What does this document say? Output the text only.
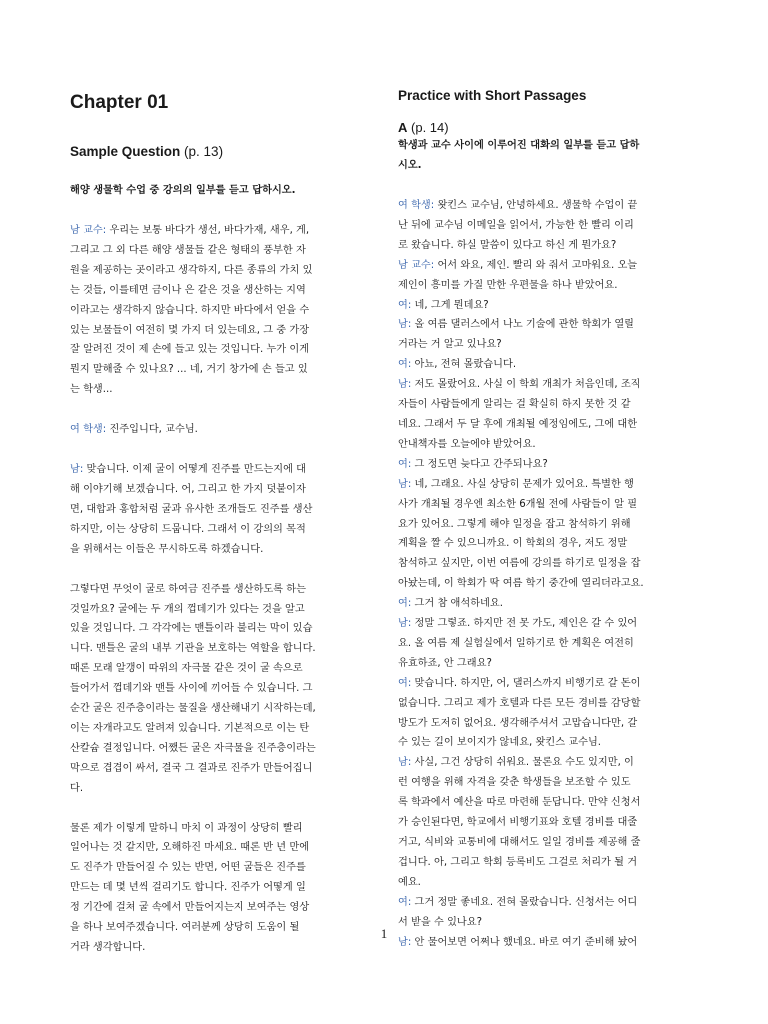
Chapter 01
Sample Question (p. 13)
해양 생물학 수업 중 강의의 일부를 듣고 답하시오.
남 교수: 우리는 보통 바다가 생선, 바다가재, 새우, 게,
그리고 그 외 다른 해양 생물들 같은 형태의 풍부한 자
원을 제공하는 곳이라고 생각하지, 다른 종류의 가치 있
는 것들, 이를테면 금이나 은 같은 것을 생산하는 지역
이라고는 생각하지 않습니다. 하지만 바다에서 얻을 수
있는 보물들이 여전히 몇 가지 더 있는데요, 그 중 가장
잘 알려진 것이 제 손에 들고 있는 것입니다. 누가 이게
뭔지 말해줄 수 있나요? ... 네, 거기 창가에 손 들고 있
는 학생...
여 학생: 진주입니다, 교수님.
남: 맞습니다. 이제 굴이 어떻게 진주를 만드는지에 대
해 이야기해 보겠습니다. 어, 그리고 한 가지 덧붙이자
면, 대합과 홍합처럼 굴과 유사한 조개들도 진주를 생산
하지만, 이는 상당히 드뭅니다. 그래서 이 강의의 목적
을 위해서는 이들은 무시하도록 하겠습니다.
그렇다면 무엇이 굴로 하여금 진주를 생산하도록 하는
것일까요? 굴에는 두 개의 껍데기가 있다는 것을 알고
있을 것입니다. 그 각각에는 맨틀이라 불리는 막이 있습
니다. 맨틀은 굴의 내부 기관을 보호하는 역할을 합니다.
때론 모래 알갱이 따위의 자극물 같은 것이 굴 속으로
들어가서 껍데기와 맨틀 사이에 끼어들 수 있습니다. 그
순간 굴은 진주층이라는 물질을 생산해내기 시작하는데,
이는 자개라고도 알려져 있습니다. 기본적으로 이는 탄
산칼슘 결정입니다. 어쨌든 굴은 자극물을 진주층이라는
막으로 겹겹이 싸서, 결국 그 결과로 진주가 만들어집니
다.
물론 제가 이렇게 말하니 마치 이 과정이 상당히 빨리
일어나는 것 같지만, 오해하진 마세요. 때론 반 년 만에
도 진주가 만들어질 수 있는 반면, 어떤 굴들은 진주를
만드는 데 몇 년씩 걸리기도 합니다. 진주가 어떻게 일
정 기간에 걸쳐 굴 속에서 만들어지는지 보여주는 영상
을 하나 보여주겠습니다. 여러분께 상당히 도움이 될
거라 생각합니다.
Practice with Short Passages
A (p. 14)
학생과 교수 사이에 이루어진 대화의 일부를 듣고 답하
시오.
여 학생: 왓킨스 교수님, 안녕하세요. 생물학 수업이 끝
난 뒤에 교수님 이메일을 읽어서, 가능한 한 빨리 이리
로 왔습니다. 하실 말씀이 있다고 하신 게 뭔가요?
남 교수: 어서 와요, 제인. 빨리 와 줘서 고마워요. 오늘
제인이 흥미를 가질 만한 우편물을 하나 받았어요.
여: 네, 그게 뭔데요?
남: 올 여름 댈러스에서 나노 기술에 관한 학회가 열릴
거라는 거 알고 있나요?
여: 아뇨, 전혀 몰랐습니다.
남: 저도 몰랐어요. 사실 이 학회 개최가 처음인데, 조직
자들이 사람들에게 알리는 걸 확실히 하지 못한 것 같
네요. 그래서 두 달 후에 개최될 예정임에도, 그에 대한
안내책자를 오늘에야 받았어요.
여: 그 정도면 늦다고 간주되나요?
남: 네, 그래요. 사실 상당히 문제가 있어요. 특별한 행
사가 개최될 경우엔 최소한 6개월 전에 사람들이 알 필
요가 있어요. 그렇게 해야 일정을 잡고 참석하기 위해
계획을 짤 수 있으니까요. 이 학회의 경우, 저도 정말
참석하고 싶지만, 이번 여름에 강의를 하기로 일정을 잡
아놨는데, 이 학회가 딱 여름 학기 중간에 열리더라고요.
여: 그거 참 애석하네요.
남: 정말 그렇죠. 하지만 전 못 가도, 제인은 갈 수 있어
요. 올 여름 제 실험실에서 일하기로 한 계획은 여전히
유효하죠, 안 그래요?
여: 맞습니다. 하지만, 어, 댈러스까지 비행기로 갈 돈이
없습니다. 그리고 제가 호텔과 다른 모든 경비를 감당할
방도가 도저히 없어요. 생각해주셔서 고맙습니다만, 갈
수 있는 길이 보이지가 않네요, 왓킨스 교수님.
남: 사실, 그건 상당히 쉬워요. 물론요 수도 있지만, 이
런 여행을 위해 자격을 갖춘 학생들을 보조할 수 있도
록 학과에서 예산을 따로 마련해 둔답니다. 만약 신청서
가 승인된다면, 학교에서 비행기표와 호텔 경비를 대줄
거고, 식비와 교통비에 대해서도 일일 경비를 제공해 줄
겁니다. 아, 그리고 학회 등록비도 그걸로 처리가 될 거
예요.
여: 그거 정말 좋네요. 전혀 몰랐습니다. 신청서는 어디
서 받을 수 있나요?
남: 안 물어보면 어쩌나 했네요. 바로 여기 준비해 놨어
1
